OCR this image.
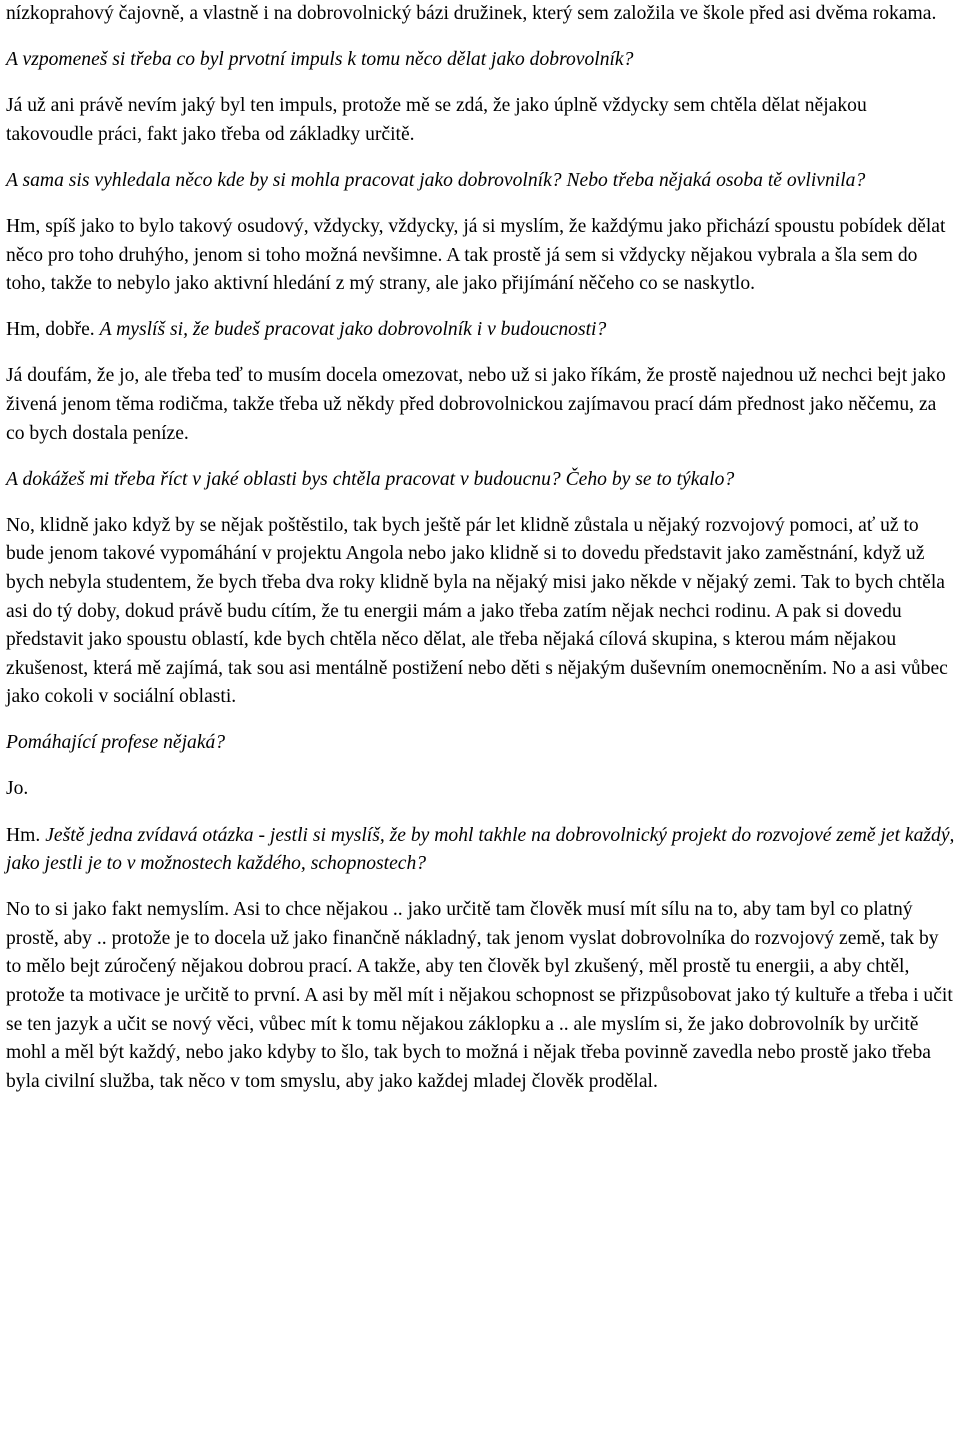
nízkoprahový čajovně, a vlastně i na dobrovolnický bázi družinek, který sem založila ve škole před asi dvěma rokama.

A vzpomeneš si třeba co byl prvotní impuls k tomu něco dělat jako dobrovolník?

Já už ani právě nevím jaký byl ten impuls, protože mě se zdá, že jako úplně vždycky sem chtěla dělat nějakou takovoudle práci, fakt jako třeba od základky určitě.

A sama sis vyhledala něco kde by si mohla pracovat jako dobrovolník? Nebo třeba nějaká osoba tě ovlivnila?

Hm, spíš jako to bylo takový osudový, vždycky, vždycky, já si myslím, že každýmu jako přichází spoustu pobídek dělat něco pro toho druhýho, jenom si toho možná nevšimne. A tak prostě já sem si vždycky nějakou vybrala a šla sem do toho, takže to nebylo jako aktivní hledání z mý strany, ale jako přijímání něčeho co se naskytlo.

Hm, dobře. A myslíš si, že budeš pracovat jako dobrovolník i v budoucnosti?

Já doufám, že jo, ale třeba teď to musím docela omezovat, nebo už si jako říkám, že prostě najednou už nechci bejt jako živená jenom těma rodičma, takže třeba už někdy před dobrovolnickou zajímavou prací dám přednost jako něčemu, za co bych dostala peníze.

A dokážeš mi třeba říct v jaké oblasti bys chtěla pracovat v budoucnu? Čeho by se to týkalo?

No, klidně jako když by se nějak poštěstilo, tak bych ještě pár let klidně zůstala u nějaký rozvojový pomoci, ať už to bude jenom takové vypomáhání v projektu Angola nebo jako klidně si to dovedu představit jako zaměstnání, když už bych nebyla studentem, že bych třeba dva roky klidně byla na nějaký misi jako někde v nějaký zemi. Tak to bych chtěla asi do tý doby, dokud právě budu cítím, že tu energii mám a jako třeba zatím nějak nechci rodinu. A pak si dovedu představit jako spoustu oblastí, kde bych chtěla něco dělat, ale třeba nějaká cílová skupina, s kterou mám nějakou zkušenost, která mě zajímá, tak sou asi mentálně postižení nebo děti s nějakým duševním onemocněním. No a asi vůbec jako cokoli v sociální oblasti.

Pomáhající profese nějaká?

Jo.

Hm. Ještě jedna zvídavá otázka - jestli si myslíš, že by mohl takhle na dobrovolnický projekt do rozvojové země jet každý, jako jestli je to v možnostech každého, schopnostech?

No to si jako fakt nemyslím. Asi to chce nějakou .. jako určitě tam člověk musí mít sílu na to, aby tam byl co platný prostě, aby .. protože je to docela už jako finančně nákladný, tak jenom vyslat dobrovolníka do rozvojový země, tak by to mělo bejt zúročený nějakou dobrou prací. A takže, aby ten člověk byl zkušený, měl prostě tu energii, a aby chtěl, protože ta motivace je určitě to první. A asi by měl mít i nějakou schopnost se přizpůsobovat jako tý kultuře a třeba i učit se ten jazyk a učit se nový věci, vůbec mít k tomu nějakou záklopku a .. ale myslím si, že jako dobrovolník by určitě mohl a měl být každý, nebo jako kdyby to šlo, tak bych to možná i nějak třeba povinně zavedla nebo prostě jako třeba byla civilní služba, tak něco v tom smyslu, aby jako každej mladej člověk prodělal.
